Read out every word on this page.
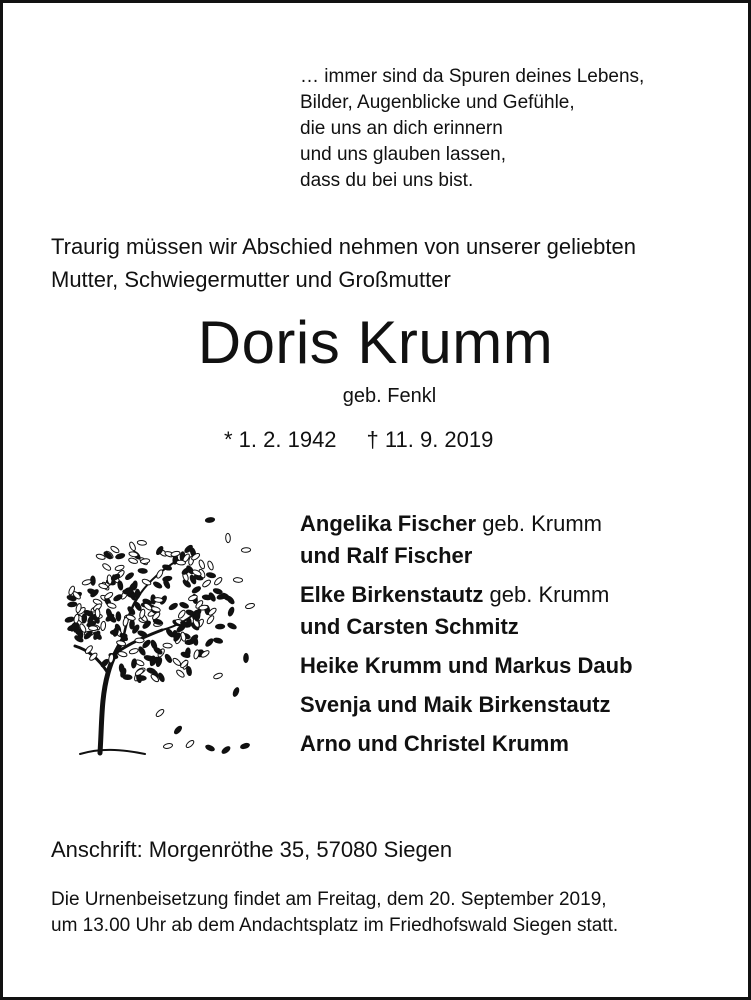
… immer sind da Spuren deines Lebens,
Bilder, Augenblicke und Gefühle,
die uns an dich erinnern
und uns glauben lassen,
dass du bei uns bist.

Traurig müssen wir Abschied nehmen von unserer geliebten
Mutter, Schwiegermutter und Großmutter

Doris Krumm
geb. Fenkl
* 1. 2. 1942 † 11. 9. 2019
Angelika Fischer geb. Krumm
und Ralf Fischer
Elke Birkenstautz geb. Krumm
und Carsten Schmitz
Heike Krumm und Markus Daub
Svenja und Maik Birkenstautz
Arno und Christel Krumm
Anschrift: Morgenröthe 35, 57080 Siegen

Die Urnenbeisetzung findet am Freitag, dem 20. September 2019,
um 13.00 Uhr ab dem Andachtsplatz im Friedhofswald Siegen statt.
